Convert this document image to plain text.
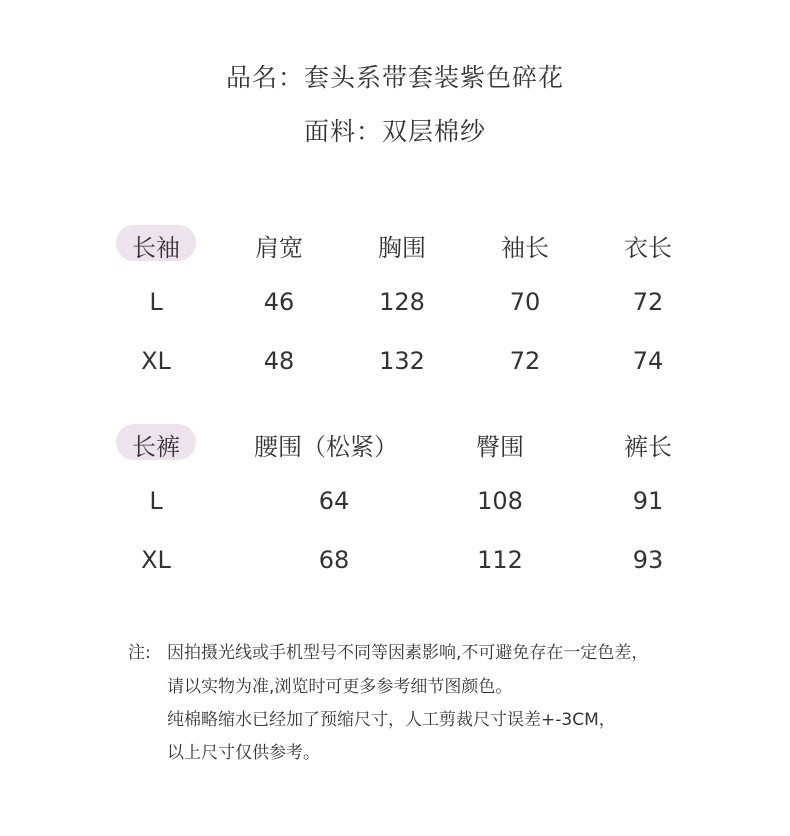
品名：套头系带套装紫色碎花
面料：双层棉纱
长袖	肩宽	胸围	袖长	衣长
L	46	128	70	72
XL	48	132	72	74
长裤	腰围（松紧）	臀围	裤长
L	64	108	91
XL	68	112	93
注: 因拍摄光线或手机型号不同等因素影响,不可避免存在一定色差，
请以实物为准,浏览时可更多参考细节图颜色。
纯棉略缩水已经加了预缩尺寸，人工剪裁尺寸误差+-3CM，
以上尺寸仅供参考。
